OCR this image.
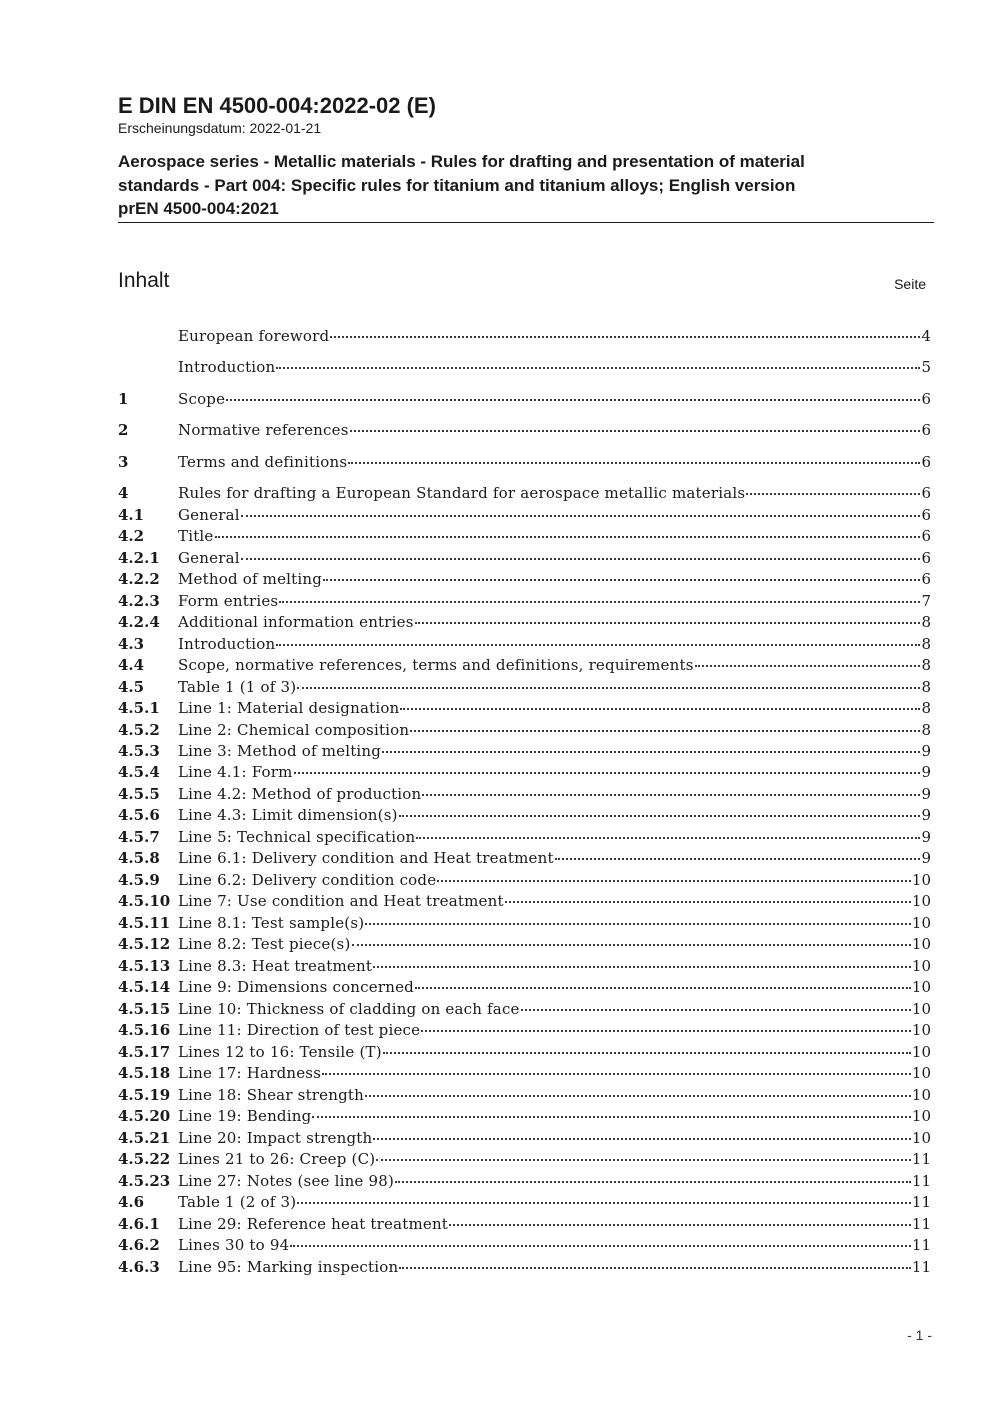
E DIN EN 4500-004:2022-02 (E)
Erscheinungsdatum: 2022-01-21
Aerospace series - Metallic materials - Rules for drafting and presentation of material
standards - Part 004: Specific rules for titanium and titanium alloys; English version
prEN 4500-004:2021
Inhalt	Seite
European foreword	4
Introduction	5
1	Scope	6
2	Normative references	6
3	Terms and definitions	6
4	Rules for drafting a European Standard for aerospace metallic materials	6
4.1	General	6
4.2	Title	6
4.2.1	General	6
4.2.2	Method of melting	6
4.2.3	Form entries	7
4.2.4	Additional information entries	8
4.3	Introduction	8
4.4	Scope, normative references, terms and definitions, requirements	8
4.5	Table 1 (1 of 3)	8
4.5.1	Line 1: Material designation	8
4.5.2	Line 2: Chemical composition	8
4.5.3	Line 3: Method of melting	9
4.5.4	Line 4.1: Form	9
4.5.5	Line 4.2: Method of production	9
4.5.6	Line 4.3: Limit dimension(s)	9
4.5.7	Line 5: Technical specification	9
4.5.8	Line 6.1: Delivery condition and Heat treatment	9
4.5.9	Line 6.2: Delivery condition code	10
4.5.10 Line 7: Use condition and Heat treatment	10
4.5.11 Line 8.1: Test sample(s)	10
4.5.12 Line 8.2: Test piece(s)	10
4.5.13 Line 8.3: Heat treatment	10
4.5.14 Line 9: Dimensions concerned	10
4.5.15 Line 10: Thickness of cladding on each face	10
4.5.16 Line 11: Direction of test piece	10
4.5.17 Lines 12 to 16: Tensile (T)	10
4.5.18 Line 17: Hardness	10
4.5.19 Line 18: Shear strength	10
4.5.20 Line 19: Bending	10
4.5.21 Line 20: Impact strength	10
4.5.22 Lines 21 to 26: Creep (C)	11
4.5.23 Line 27: Notes (see line 98)	11
4.6	Table 1 (2 of 3)	11
4.6.1	Line 29: Reference heat treatment	11
4.6.2	Lines 30 to 94	11
4.6.3	Line 95: Marking inspection	11
- 1 -
